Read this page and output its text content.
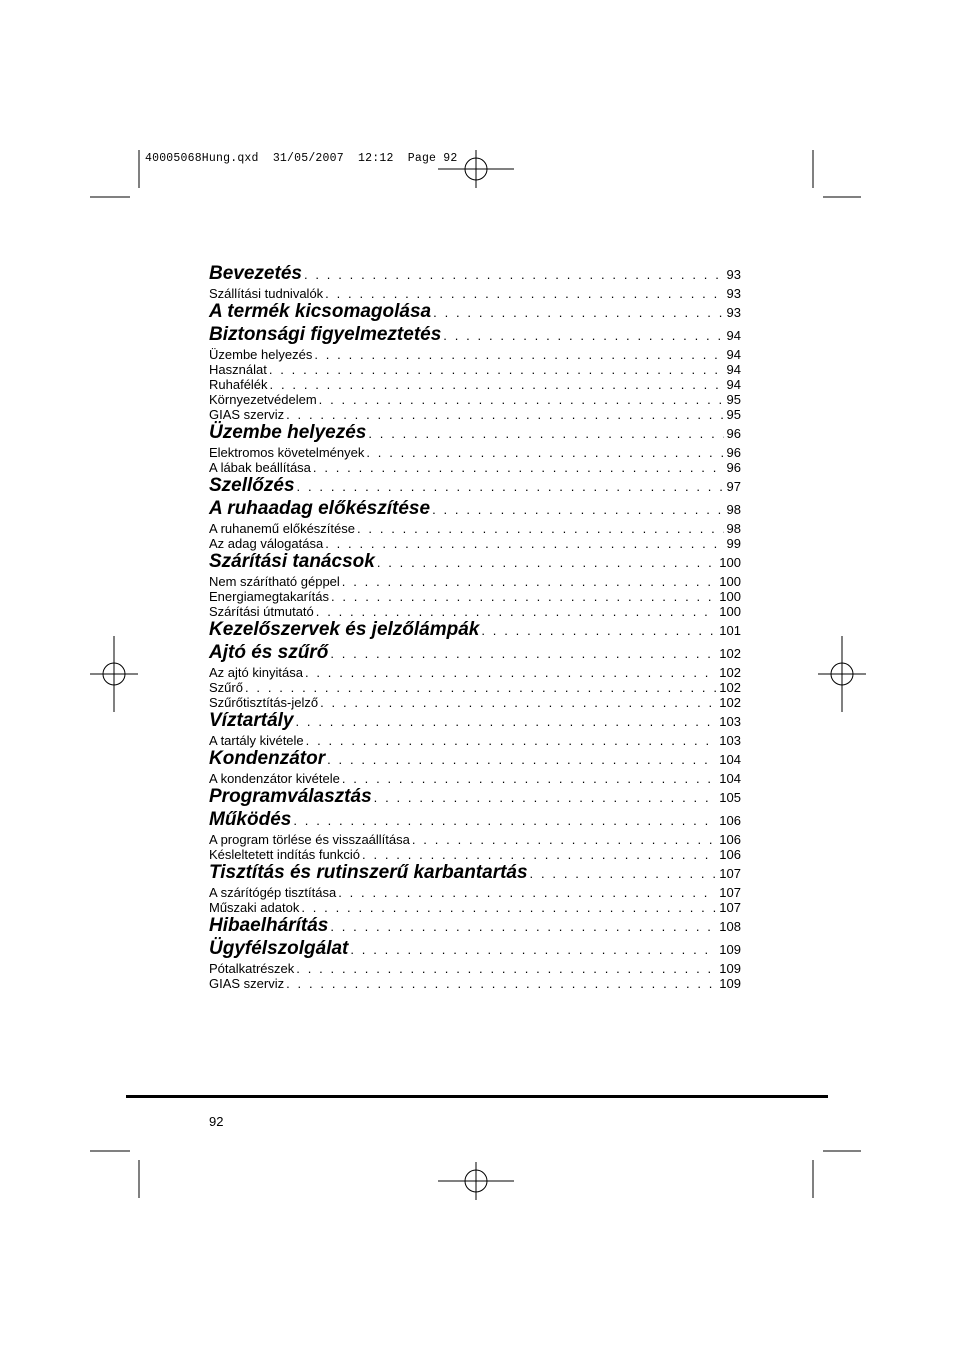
40005068Hung.qxd  31/05/2007  12:12  Page 92
Bevezetés . . .	93
Szállítási tudnivalók . . .	93
A termék kicsomagolása . . .	93
Biztonsági figyelmeztetés . . .	94
Üzembe helyezés . . .	94
Használat . . .	94
Ruhafélék . . .	94
Környezetvédelem . . .	95
GIAS szerviz . . .	95
Üzembe helyezés . . .	96
Elektromos követelmények . . .	96
A lábak beállítása . . .	96
Szellőzés . . .	97
A ruhaadag előkészítése . . .	98
A ruhanemű előkészítése . . .	98
Az adag válogatása . . .	99
Szárítási tanácsok . . .	100
Nem szárítható géppel . . .	100
Energiamegtakarítás . . .	100
Szárítási útmutató . . .	100
Kezelőszervek és jelzőlámpák . . .	101
Ajtó és szűrő . . .	102
Az ajtó kinyitása . . .	102
Szűrő . . .	102
Szűrőtisztítás-jelző . . .	102
Víztartály . . .	103
A tartály kivétele . . .	103
Kondenzátor . . .	104
A kondenzátor kivétele . . .	104
Programválasztás . . .	105
Működés . . .	106
A program törlése és visszaállítása . . .	106
Késleltetett indítás funkció . . .	106
Tisztítás és rutinszerű karbantartás . . .	107
A szárítógép tisztítása . . .	107
Műszaki adatok . . .	107
Hibaelhárítás . . .	108
Ügyfélszolgálat . . .	109
Pótalkatrészek . . .	109
GIAS szerviz . . .	109
92
